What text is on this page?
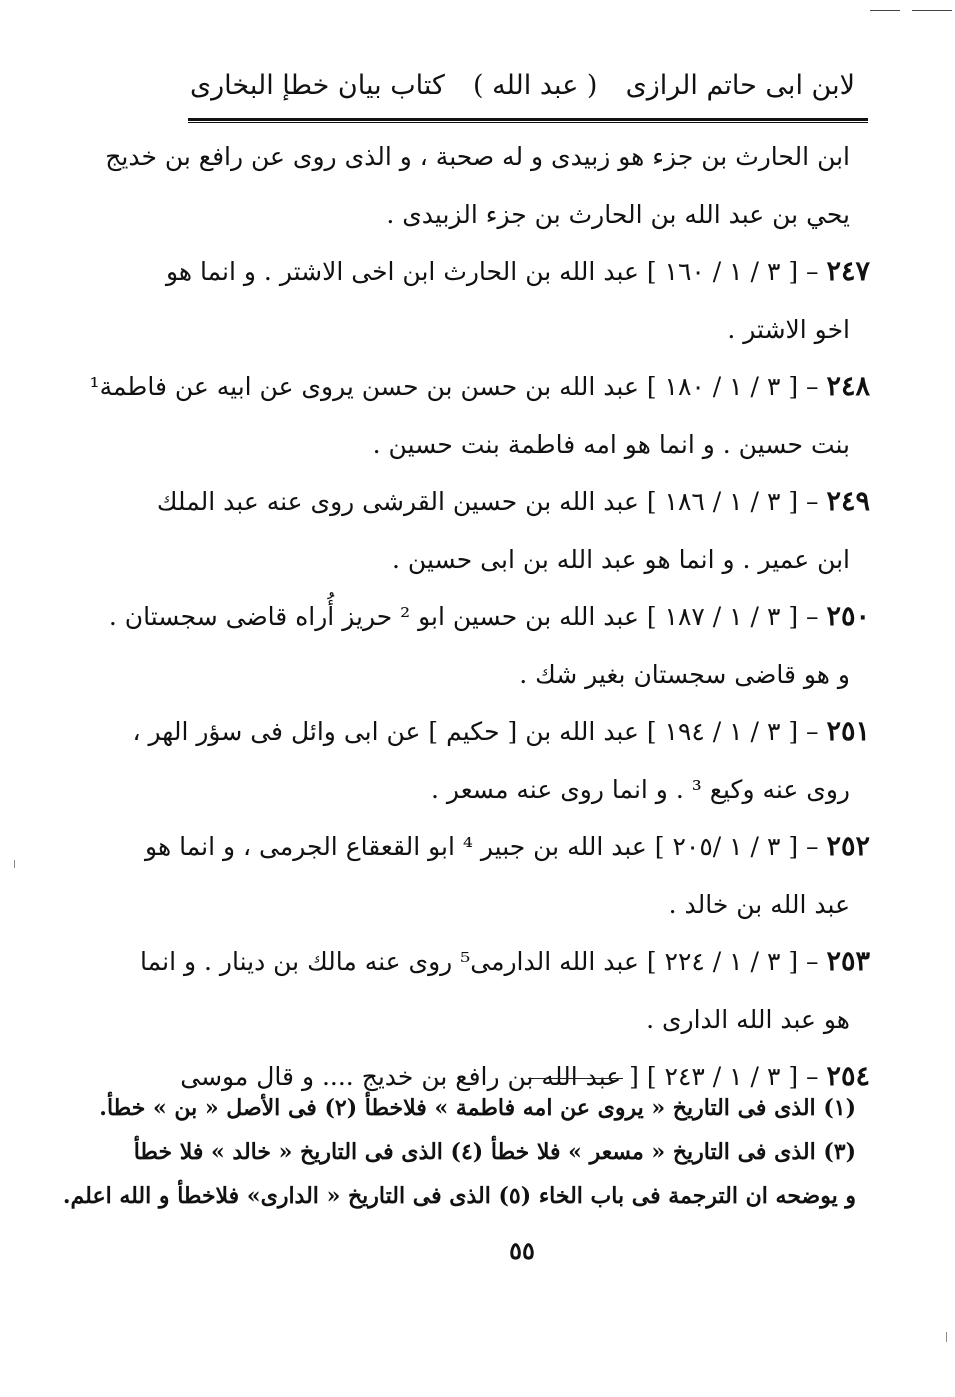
كتاب بيان خطإ البخارى ( عبد الله ) لابن ابى حاتم الرازى
ابن الحارث بن جزء هو زبيدى و له صحبة ، و الذى روى عن رافع بن خديج
يحي بن عبد الله بن الحارث بن جزء الزبيدى .
٢٤٧ – [ ٣ / ١ / ١٦٠ ] عبد الله بن الحارث ابن اخى الاشتر . و انما هو
اخو الاشتر .
٢٤٨ – [ ٣ / ١ / ١٨٠ ] عبد الله بن حسن بن حسن يروى عن ابيه عن فاطمة¹
بنت حسين . و انما هو امه فاطمة بنت حسين .
٢٤٩ – [ ٣ / ١ / ١٨٦ ] عبد الله بن حسين القرشى روى عنه عبد الملك
ابن عمير . و انما هو عبد الله بن ابى حسين .
٢٥٠ – [ ٣ / ١ / ١٨٧ ] عبد الله بن حسين ابو ² حريز أُراه قاضى سجستان .
و هو قاضى سجستان بغير شك .
٢٥١ – [ ٣ / ١ / ١٩٤ ] عبد الله بن [ حكيم ] عن ابى وائل فى سؤر الهر ،
روى عنه وكيع ³ . و انما روى عنه مسعر .
٢٥٢ – [ ٣ / ١ /٢٠٥ ] عبد الله بن جبير ⁴ ابو القعقاع الجرمى ، و انما هو
عبد الله بن خالد .
٢٥٣ – [ ٣ / ١ / ٢٢٤ ] عبد الله الدارمى⁵ روى عنه مالك بن دينار . و انما
هو عبد الله الدارى .
٢٥٤ – [ ٣ / ١ / ٢٤٣ ] [ عبد الله بن رافع بن خديج .... و قال موسى
(١) الذى فى التاريخ « يروى عن امه فاطمة » فلاخطأ (٢) فى الأصل « بن » خطأ.
(٣) الذى فى التاريخ « مسعر » فلا خطأ (٤) الذى فى التاريخ « خالد » فلا خطأ
و يوضحه ان الترجمة فى باب الخاء (٥) الذى فى التاريخ « الدارى» فلاخطأ و الله اعلم.
٥٥
